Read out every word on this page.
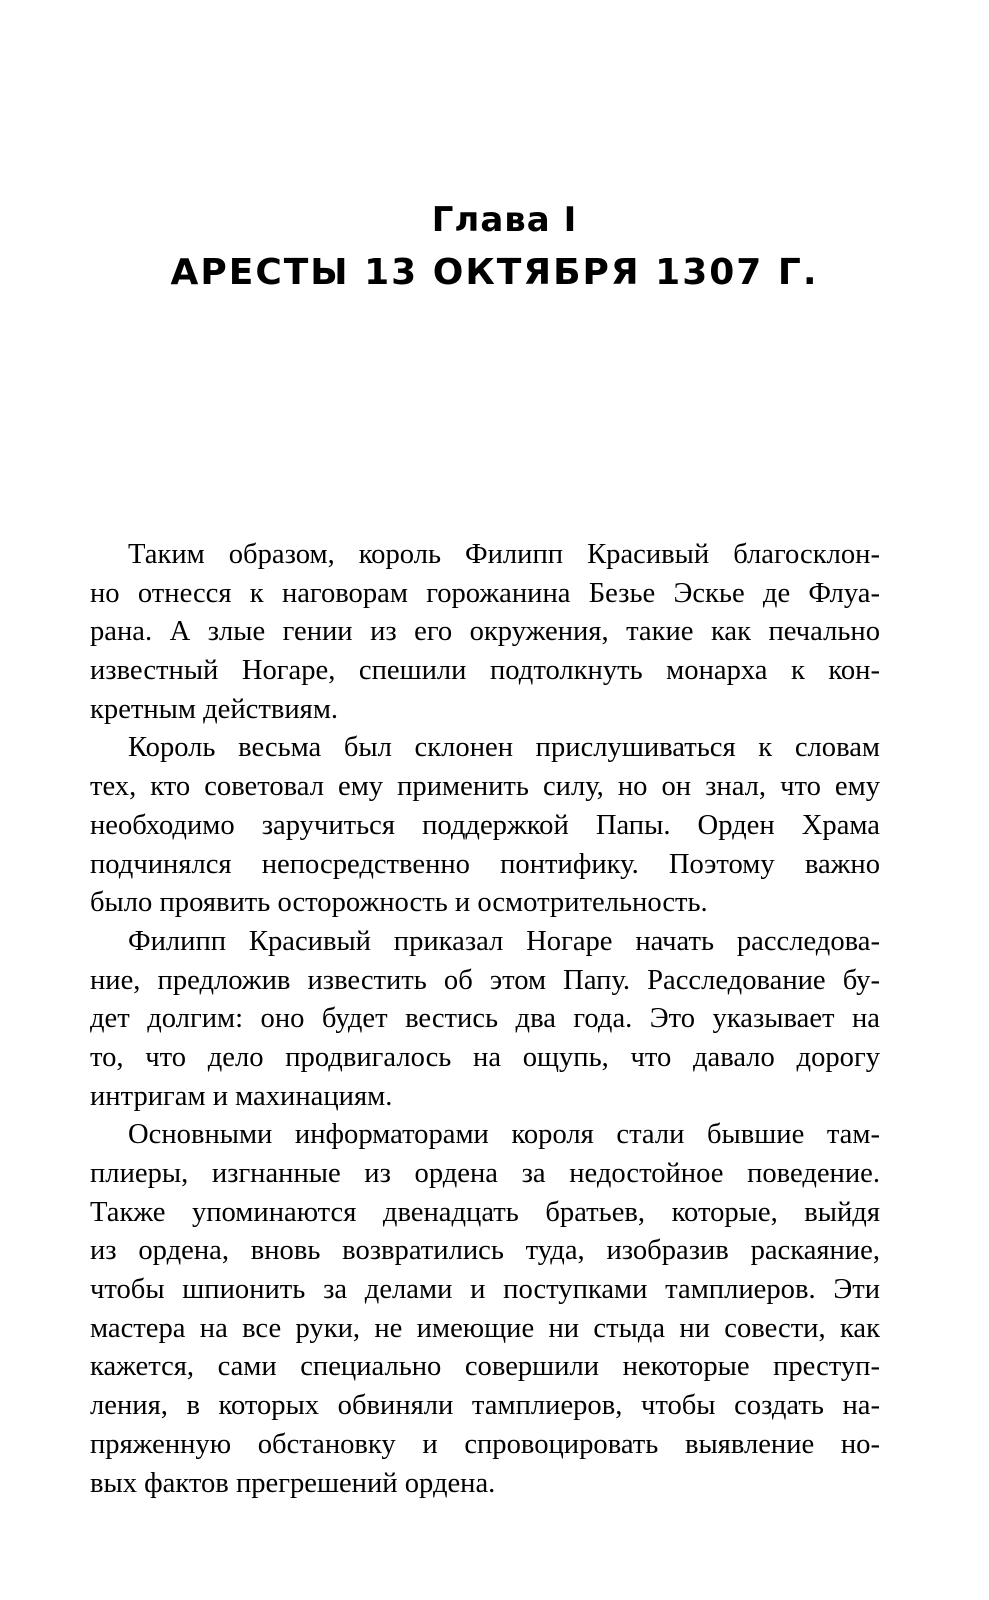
Глава I
АРЕСТЫ 13 ОКТЯБРЯ 1307 Г.
Таким образом, король Филипп Красивый благосклон-
но отнесся к наговорам горожанина Безье Эскье де Флуа-
рана. А злые гении из его окружения, такие как печально
известный Ногаре, спешили подтолкнуть монарха к кон-
кретным действиям.
Король весьма был склонен прислушиваться к словам
тех, кто советовал ему применить силу, но он знал, что ему
необходимо заручиться поддержкой Папы. Орден Храма
подчинялся непосредственно понтифику. Поэтому важно
было проявить осторожность и осмотрительность.
Филипп Красивый приказал Ногаре начать расследова-
ние, предложив известить об этом Папу. Расследование бу-
дет долгим: оно будет вестись два года. Это указывает на
то, что дело продвигалось на ощупь, что давало дорогу
интригам и махинациям.
Основными информаторами короля стали бывшие там-
плиеры, изгнанные из ордена за недостойное поведение.
Также упоминаются двенадцать братьев, которые, выйдя
из ордена, вновь возвратились туда, изобразив раскаяние,
чтобы шпионить за делами и поступками тамплиеров. Эти
мастера на все руки, не имеющие ни стыда ни совести, как
кажется, сами специально совершили некоторые преступ-
ления, в которых обвиняли тамплиеров, чтобы создать на-
пряженную обстановку и спровоцировать выявление но-
вых фактов прегрешений ордена.
